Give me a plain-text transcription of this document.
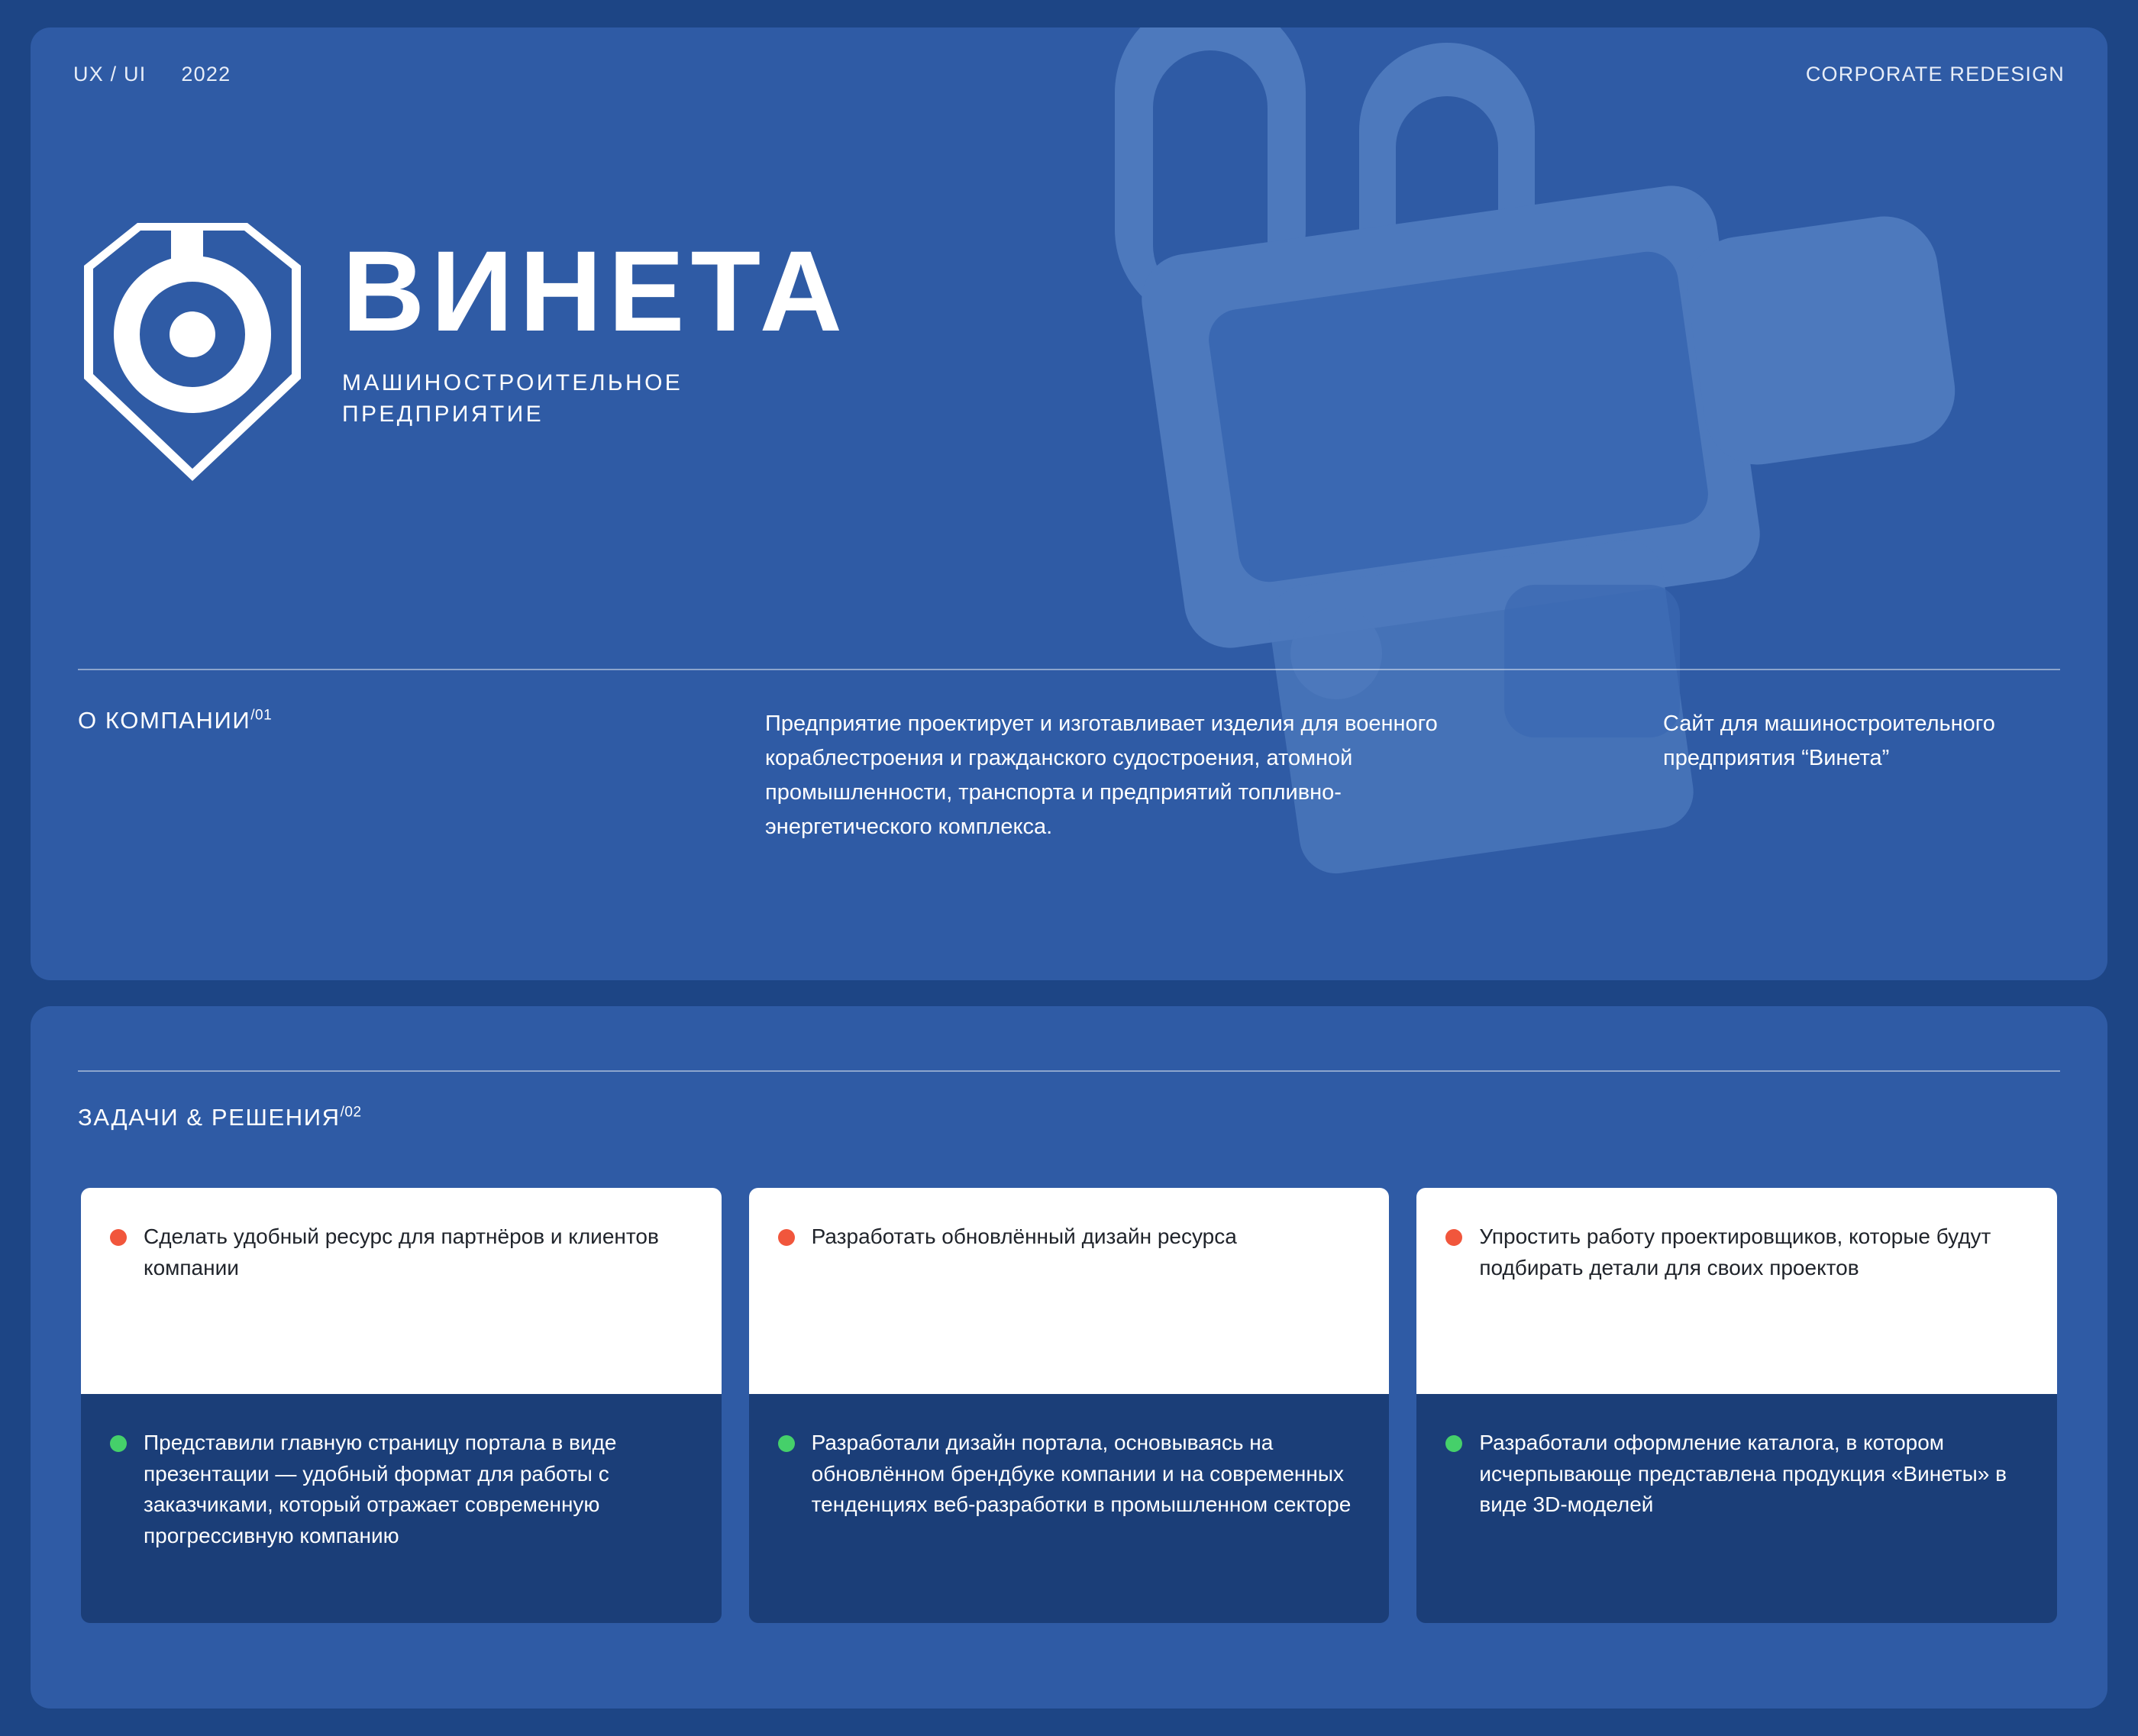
UX / UI 2022	CORPORATE REDESIGN
ВИНЕТА
МАШИНОСТРОИТЕЛЬНОЕ
ПРЕДПРИЯТИЕ
О $КОМПАНИИ^{/01}$	Предприятие проектирует и изготавливает изделия для военного кораблестроения и гражданского судостроения, атомной промышленности, транспорта и предприятий топливно-энергетического комплекса.

Сайт для машиностроительного предприятия “Винета”

ЗАДАЧИ & $РЕШЕНИЯ^{/02}$
Сделать удобный ресурс для партнёров и клиентов компании
Представили главную страницу портала в виде презентации — удобный формат для работы с заказчиками, который отражает современную прогрессивную компанию
Разработать обновлённый дизайн ресурса
Разработали дизайн портала, основываясь на обновлённом брендбуке компании и на современных тенденциях веб-разработки в промышленном секторе
Упростить работу проектировщиков, которые будут подбирать детали для своих проектов
Разработали оформление каталога, в котором исчерпывающе представлена продукция «Винеты» в виде 3D-моделей
